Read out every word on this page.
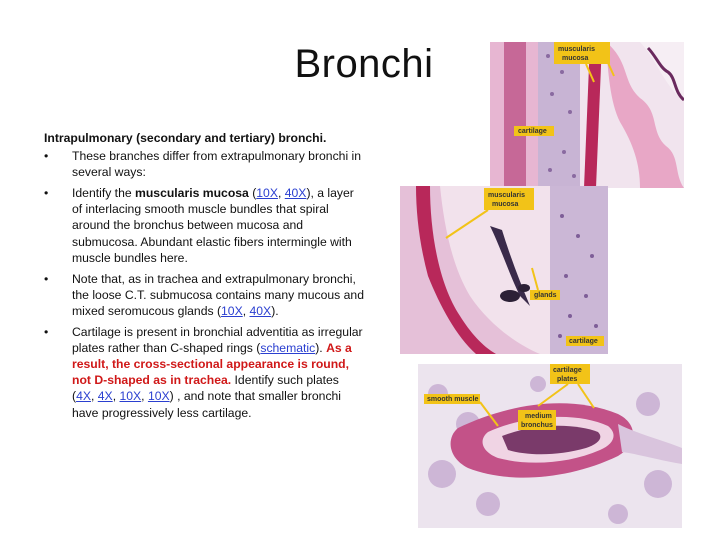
Bronchi
Intrapulmonary (secondary and tertiary) bronchi.
• These branches differ from extrapulmonary bronchi in several ways:
• Identify the muscularis mucosa (10X, 40X), a layer of interlacing smooth muscle bundles that spiral around the bronchus between mucosa and submucosa. Abundant elastic fibers intermingle with muscle bundles here.
• Note that, as in trachea and extrapulmonary bronchi, the loose C.T. submucosa contains many mucous and mixed seromucous glands (10X, 40X).
• Cartilage is present in bronchial adventitia as irregular plates rather than C-shaped rings (schematic). As a result, the cross-sectional appearance is round, not D-shaped as in trachea. Identify such plates (4X, 4X, 10X, 10X) , and note that smaller bronchi have progressively less cartilage.
muscularis
mucosa
cartilage
muscularis
mucosa
glands
cartilage
smooth muscle
cartilage
plates
medium
bronchus
